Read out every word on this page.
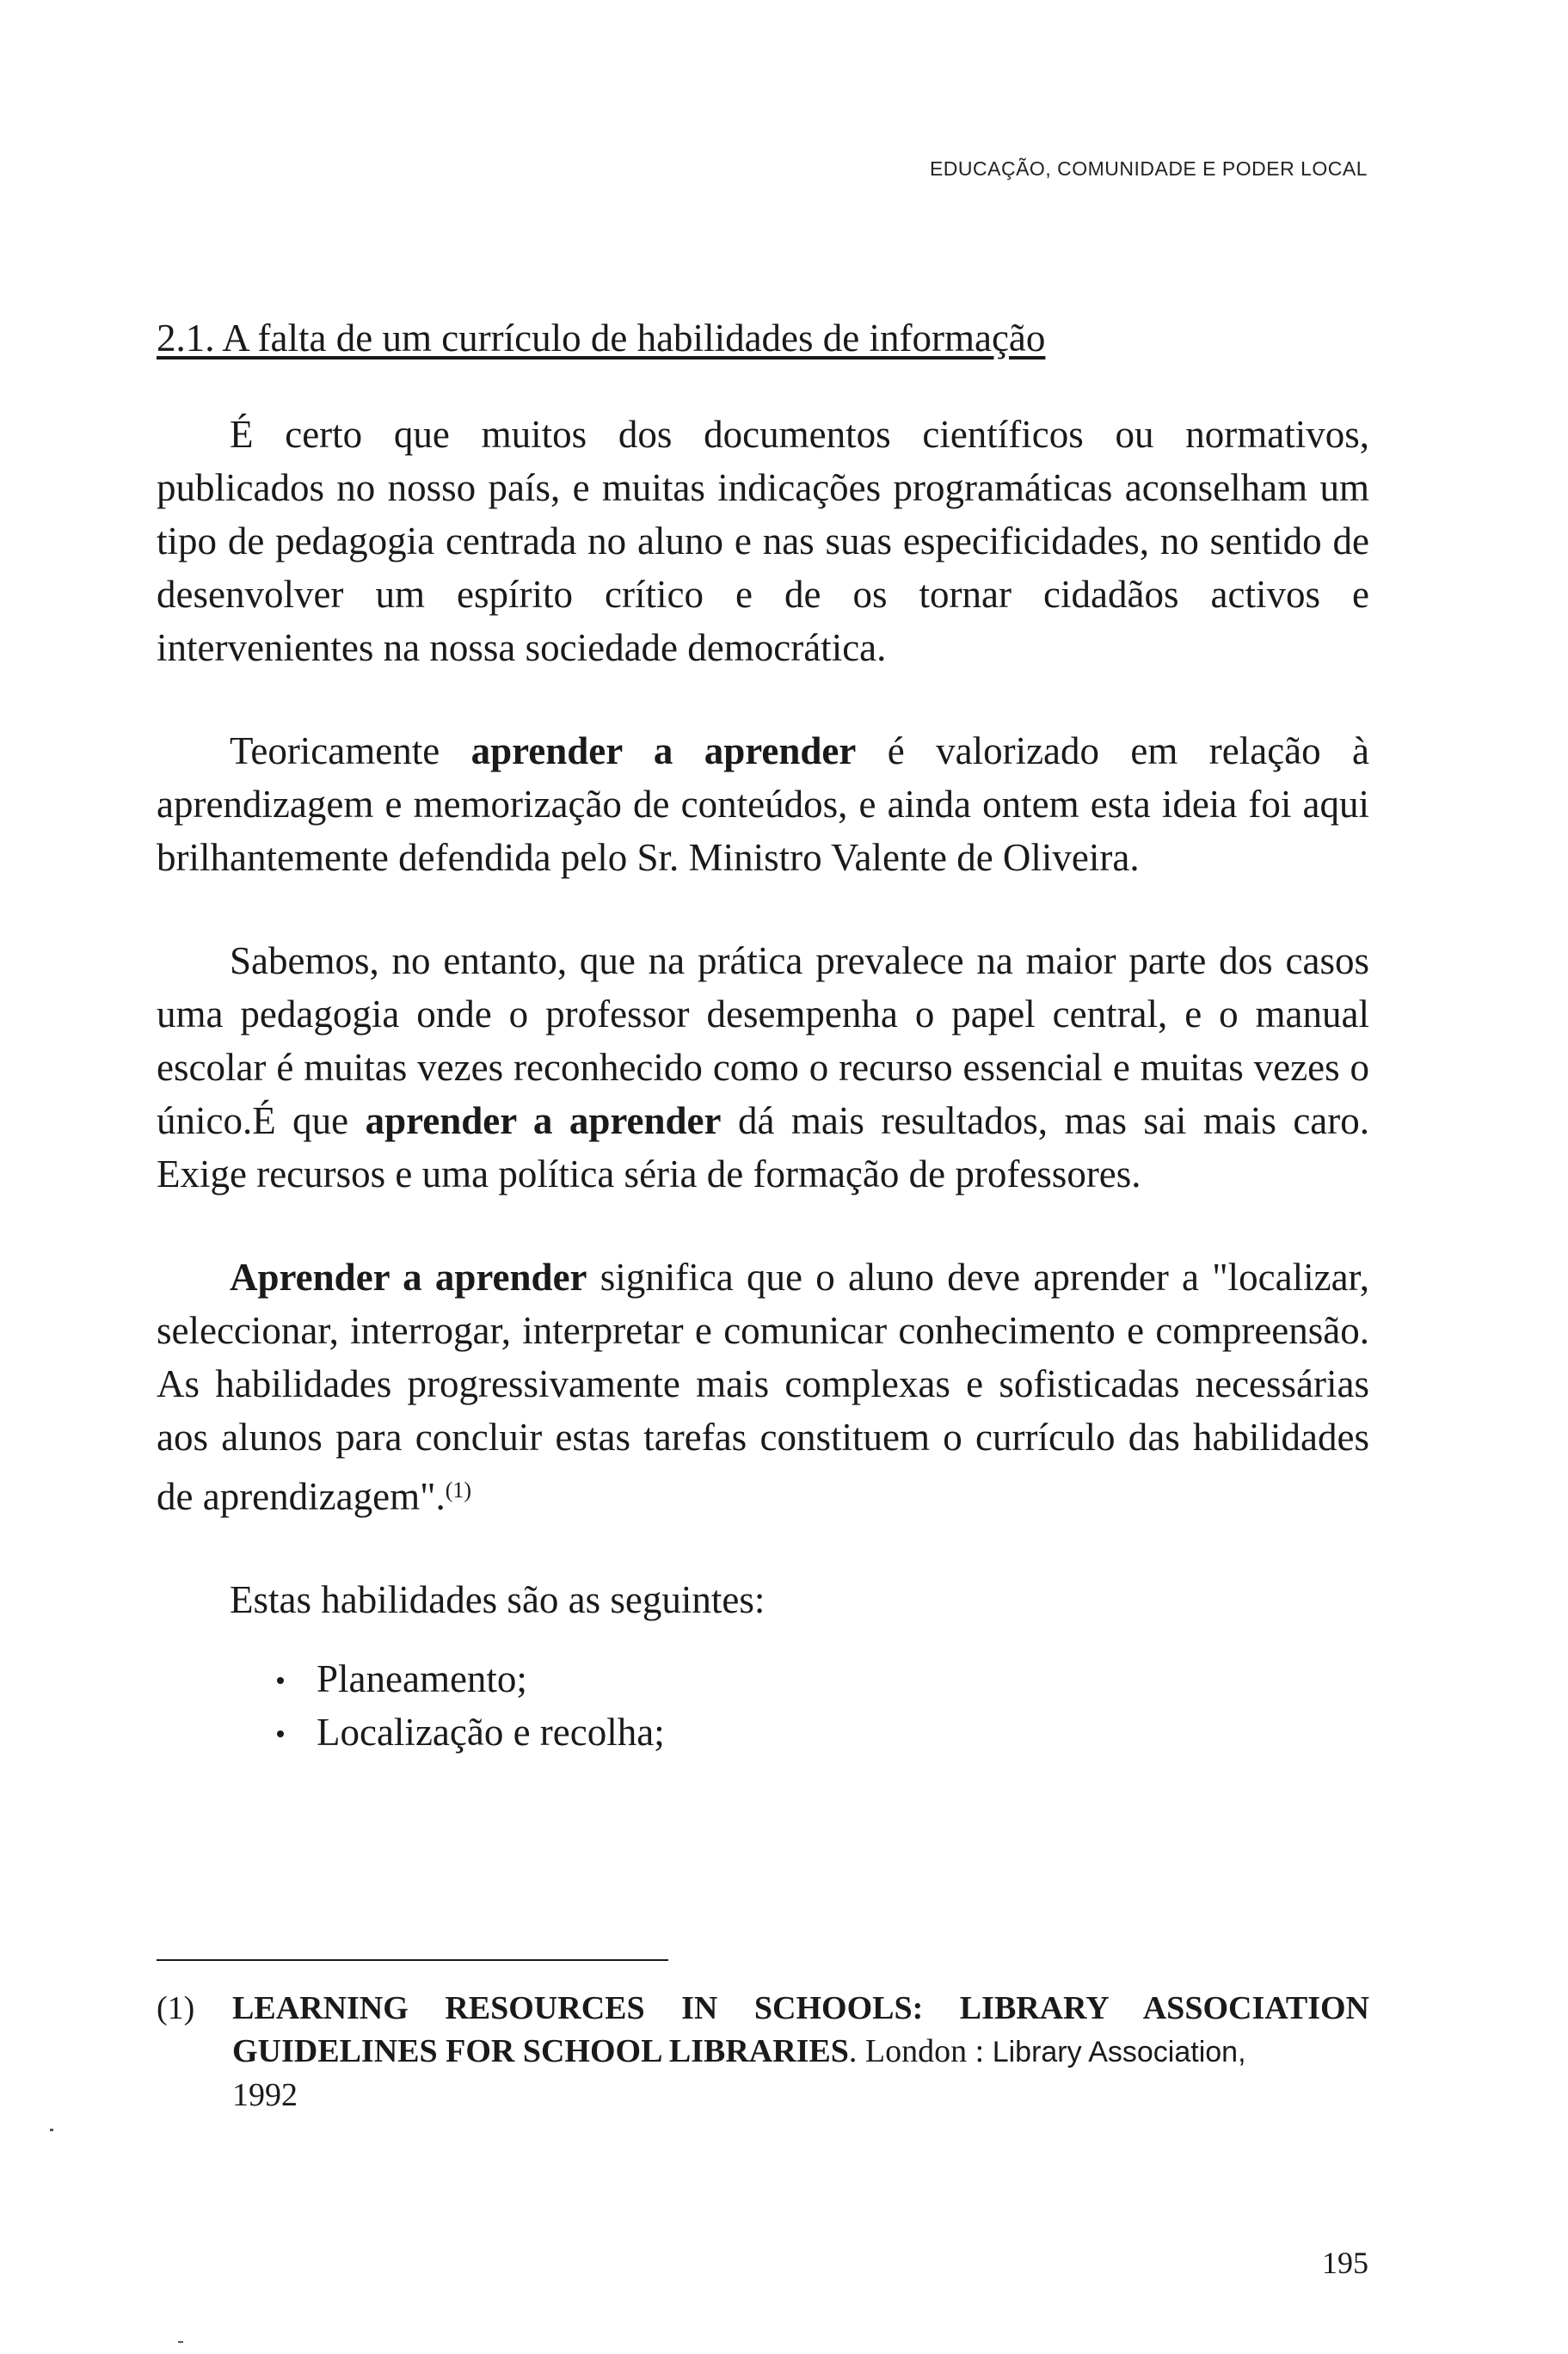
EDUCAÇÃO, COMUNIDADE E PODER LOCAL
2.1. A falta de um currículo de habilidades de informação

É certo que muitos dos documentos científicos ou normativos, publicados no nosso país, e muitas indicações programáticas aconselham um tipo de pedagogia centrada no aluno e nas suas especificidades, no sentido de desenvolver um espírito crítico e de os tornar cidadãos activos e intervenientes na nossa sociedade democrática.

Teoricamente aprender a aprender é valorizado em relação à aprendizagem e memorização de conteúdos, e ainda ontem esta ideia foi aqui brilhantemente defendida pelo Sr. Ministro Valente de Oliveira.

Sabemos, no entanto, que na prática prevalece na maior parte dos casos uma pedagogia onde o professor desempenha o papel central, e o manual escolar é muitas vezes reconhecido como o recurso essencial e muitas vezes o único.É que aprender a aprender dá mais resultados, mas sai mais caro. Exige recursos e uma política séria de formação de professores.

Aprender a aprender significa que o aluno deve aprender a "localizar, seleccionar, interrogar, interpretar e comunicar conhecimento e compreensão. As habilidades progressivamente mais complexas e sofisticadas necessárias aos alunos para concluir estas tarefas constituem o currículo das habilidades de aprendizagem".$^{(1)}$

Estas habilidades são as seguintes:

Planeamento;
Localização e recolha;
(1)	LEARNING RESOURCES IN SCHOOLS: LIBRARY ASSOCIATION GUIDELINES FOR SCHOOL LIBRARIES. London : Library Association,
1992
195
